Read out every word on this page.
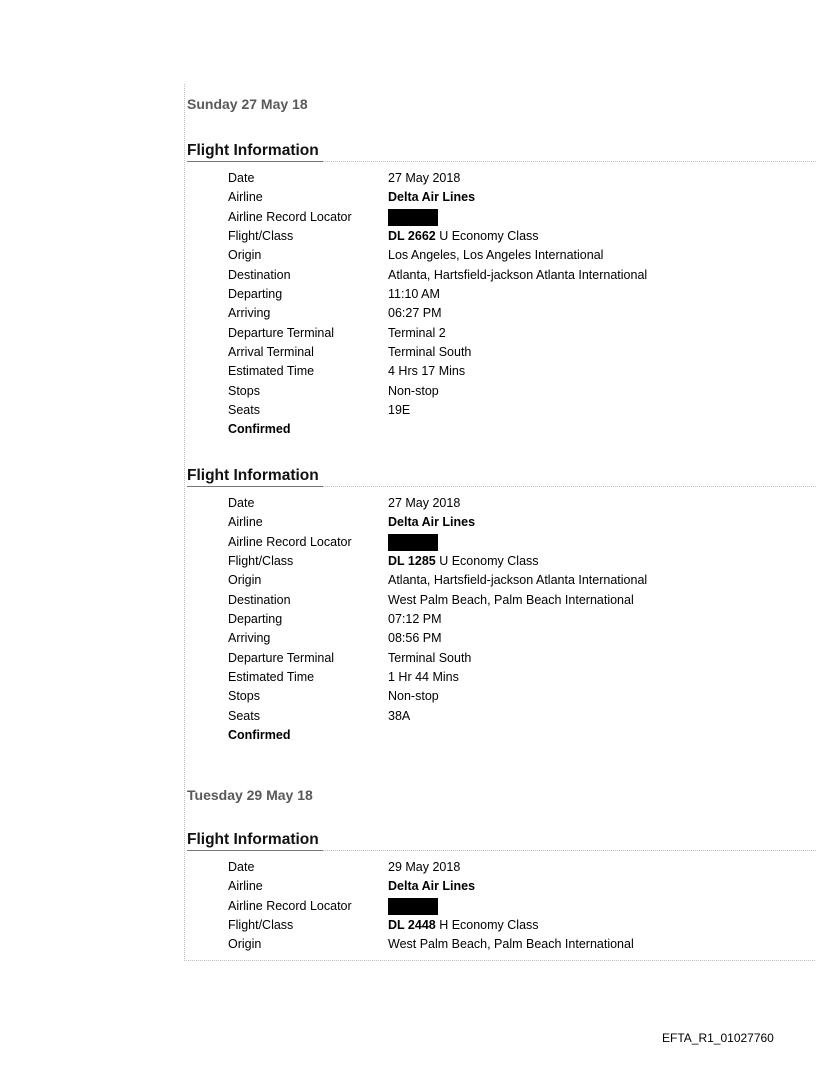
Sunday 27 May 18
Flight Information
Date	27 May 2018
Airline	Delta Air Lines
Airline Record Locator
Flight/Class	DL 2662 U Economy Class
Origin	Los Angeles, Los Angeles International
Destination	Atlanta, Hartsfield-jackson Atlanta International
Departing	11:10 AM
Arriving	06:27 PM
Departure Terminal	Terminal 2
Arrival Terminal	Terminal South
Estimated Time	4 Hrs 17 Mins
Stops	Non-stop
Seats	19E
Confirmed
Flight Information
Date	27 May 2018
Airline	Delta Air Lines
Airline Record Locator
Flight/Class	DL 1285 U Economy Class
Origin	Atlanta, Hartsfield-jackson Atlanta International
Destination	West Palm Beach, Palm Beach International
Departing	07:12 PM
Arriving	08:56 PM
Departure Terminal	Terminal South
Estimated Time	1 Hr 44 Mins
Stops	Non-stop
Seats	38A
Confirmed
Tuesday 29 May 18
Flight Information
Date	29 May 2018
Airline	Delta Air Lines
Airline Record Locator
Flight/Class	DL 2448 H Economy Class
Origin	West Palm Beach, Palm Beach International
EFTA_R1_01027760
